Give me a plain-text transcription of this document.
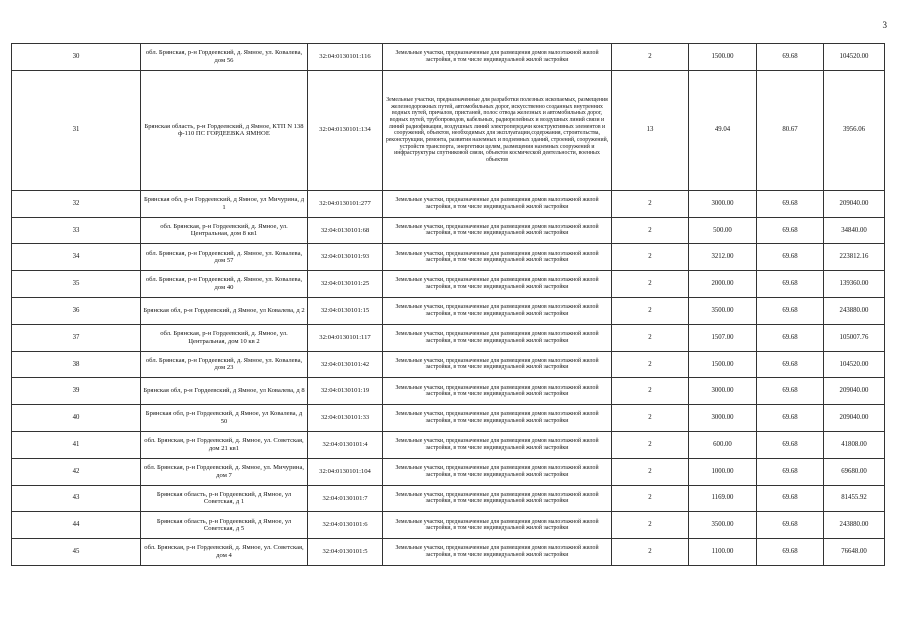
3
30	обл. Брянская, р-н Гордеевский, д. Ямное, ул. Ковалева, дом 56	32:04:0130101:116	Земельные участки, предназначенные для размещения домов малоэтажной жилой застройки, в том числе индивидуальной жилой застройки	2	1500.00	69.68	104520.00
31	Брянская область, р-н Гордеевский, д Ямное, КТП N 138 ф-110 ПС ГОРДЕЕВКА ЯМНОЕ	32:04:0130101:134	Земельные участки, предназначенные для разработки полезных ископаемых, размещения железнодорожных путей, автомобильных дорог, искусственно созданных внутренних водных путей, причалов, пристаней, полос отвода железных и автомобильных дорог, водных путей, трубопроводов, кабельных, радиорелейных и воздушных линий связи и линий радиофикации, воздушных линий электропередачи конструктивных элементов и сооружений, объектов, необходимых для эксплуатации,содержания, строительства, реконструкции, ремонта, развития наземных и подземных зданий, строений, сооружений, устройств транспорта, энергетики целям, размещения наземных сооружений и инфраструктуры спутниковой связи, объектов космической деятельности, военных объектов	13	49.04	80.67	3956.06
32	Брянская обл, р-н Гордеевский, д Ямное, ул Мичурина, д 1	32:04:0130101:277	Земельные участки, предназначенные для размещения домов малоэтажной жилой застройки, в том числе индивидуальной жилой застройки	2	3000.00	69.68	209040.00
33	обл. Брянская, р-н Гордеевский, д. Ямное, ул. Центральная, дом 8 кв1	32:04:0130101:68	Земельные участки, предназначенные для размещения домов малоэтажной жилой застройки, в том числе индивидуальной жилой застройки	2	500.00	69.68	34840.00
34	обл. Брянская, р-н Гордеевский, д. Ямное, ул. Ковалева, дом 57	32:04:0130101:93	Земельные участки, предназначенные для размещения домов малоэтажной жилой застройки, в том числе индивидуальной жилой застройки	2	3212.00	69.68	223812.16
35	обл. Брянская, р-н Гордеевский, д. Ямное, ул. Ковалева, дом 40	32:04:0130101:25	Земельные участки, предназначенные для размещения домов малоэтажной жилой застройки, в том числе индивидуальной жилой застройки	2	2000.00	69.68	139360.00
36	Брянская обл, р-н Гордеевский, д Ямное, ул Ковалева, д 2	32:04:0130101:15	Земельные участки, предназначенные для размещения домов малоэтажной жилой застройки, в том числе индивидуальной жилой застройки	2	3500.00	69.68	243880.00
37	обл. Брянская, р-н Гордеевский, д. Ямное, ул. Центральная, дом 10 кв 2	32:04:0130101:117	Земельные участки, предназначенные для размещения домов малоэтажной жилой застройки, в том числе индивидуальной жилой застройки	2	1507.00	69.68	105007.76
38	обл. Брянская, р-н Гордеевский, д. Ямное, ул. Ковалева, дом 23	32:04:0130101:42	Земельные участки, предназначенные для размещения домов малоэтажной жилой застройки, в том числе индивидуальной жилой застройки	2	1500.00	69.68	104520.00
39	Брянская обл, р-н Гордеевский, д Ямное, ул Ковалева, д 8	32:04:0130101:19	Земельные участки, предназначенные для размещения домов малоэтажной жилой застройки, в том числе индивидуальной жилой застройки	2	3000.00	69.68	209040.00
40	Брянская обл, р-н Гордеевский, д Ямное, ул Ковалева, д 50	32:04:0130101:33	Земельные участки, предназначенные для размещения домов малоэтажной жилой застройки, в том числе индивидуальной жилой застройки	2	3000.00	69.68	209040.00
41	обл. Брянская, р-н Гордеевский, д. Ямное, ул. Советская, дом 21 кв1	32:04:0130101:4	Земельные участки, предназначенные для размещения домов малоэтажной жилой застройки, в том числе индивидуальной жилой застройки	2	600.00	69.68	41808.00
42	обл. Брянская, р-н Гордеевский, д. Ямное, ул. Мичурина, дом 7	32:04:0130101:104	Земельные участки, предназначенные для размещения домов малоэтажной жилой застройки, в том числе индивидуальной жилой застройки	2	1000.00	69.68	69680.00
43	Брянская область, р-н Гордеевский, д Ямное, ул Советская, д 1	32:04:0130101:7	Земельные участки, предназначенные для размещения домов малоэтажной жилой застройки, в том числе индивидуальной жилой застройки	2	1169.00	69.68	81455.92
44	Брянская область, р-н Гордеевский, д Ямное, ул Советская, д 5	32:04:0130101:6	Земельные участки, предназначенные для размещения домов малоэтажной жилой застройки, в том числе индивидуальной жилой застройки	2	3500.00	69.68	243880.00
45	обл. Брянская, р-н Гордеевский, д. Ямное, ул. Советская, дом 4	32:04:0130101:5	Земельные участки, предназначенные для размещения домов малоэтажной жилой застройки, в том числе индивидуальной жилой застройки	2	1100.00	69.68	76648.00
